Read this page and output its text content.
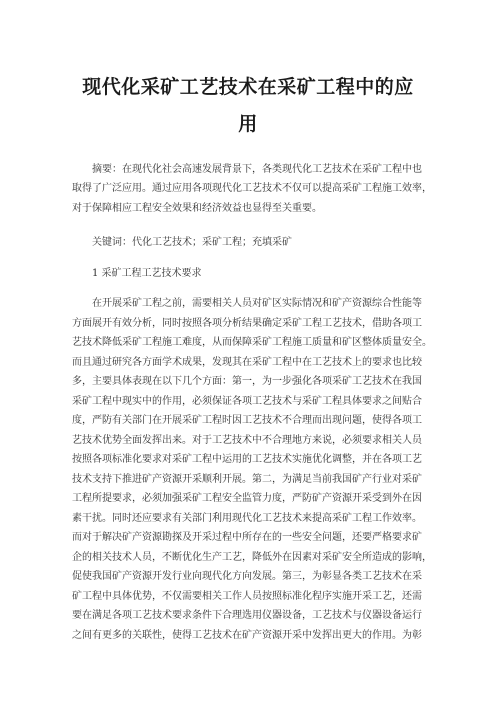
现代化采矿工艺技术在采矿工程中的应
用

摘要：在现代化社会高速发展背景下，各类现代化工艺技术在采矿工程中也

取得了广泛应用。通过应用各项现代化工艺技术不仅可以提高采矿工程施工效率，

对于保障相应工程安全效果和经济效益也显得至关重要。

关键词：代化工艺技术；采矿工程；充填采矿

1 采矿工程工艺技术要求

在开展采矿工程之前，需要相关人员对矿区实际情况和矿产资源综合性能等

方面展开有效分析，同时按照各项分析结果确定采矿工程工艺技术，借助各项工

艺技术降低采矿工程施工难度，从而保障采矿工程施工质量和矿区整体质量安全。

而且通过研究各方面学术成果，发现其在采矿工程中在工艺技术上的要求也比较

多，主要具体表现在以下几个方面：第一，为一步强化各项采矿工艺技术在我国

采矿工程中现实中的作用，必须保证各项工艺技术与采矿工程具体要求之间贴合

度，严防有关部门在开展采矿工程时因工艺技术不合理而出现问题，使得各项工

艺技术优势全面发挥出来。对于工艺技术中不合理地方来说，必须要求相关人员

按照各项标准化要求对采矿工程中运用的工艺技术实施优化调整，并在各项工艺

技术支持下推进矿产资源开采顺利开展。第二，为满足当前我国矿产行业对采矿

工程所提要求，必须加强采矿工程安全监管力度，严防矿产资源开采受到外在因

素干扰。同时还应要求有关部门利用现代化工艺技术来提高采矿工程工作效率。

而对于解决矿产资源勘探及开采过程中所存在的一些安全问题，还要严格要求矿

企的相关技术人员，不断优化生产工艺，降低外在因素对采矿安全所造成的影响，

促使我国矿产资源开发行业向现代化方向发展。第三，为彰显各类工艺技术在采

矿工程中具体优势，不仅需要相关工作人员按照标准化程序实施开采工艺，还需

要在满足各项工艺技术要求条件下合理选用仪器设备，工艺技术与仪器设备运行

之间有更多的关联性，使得工艺技术在矿产资源开采中发挥出更大的作用。为彰
